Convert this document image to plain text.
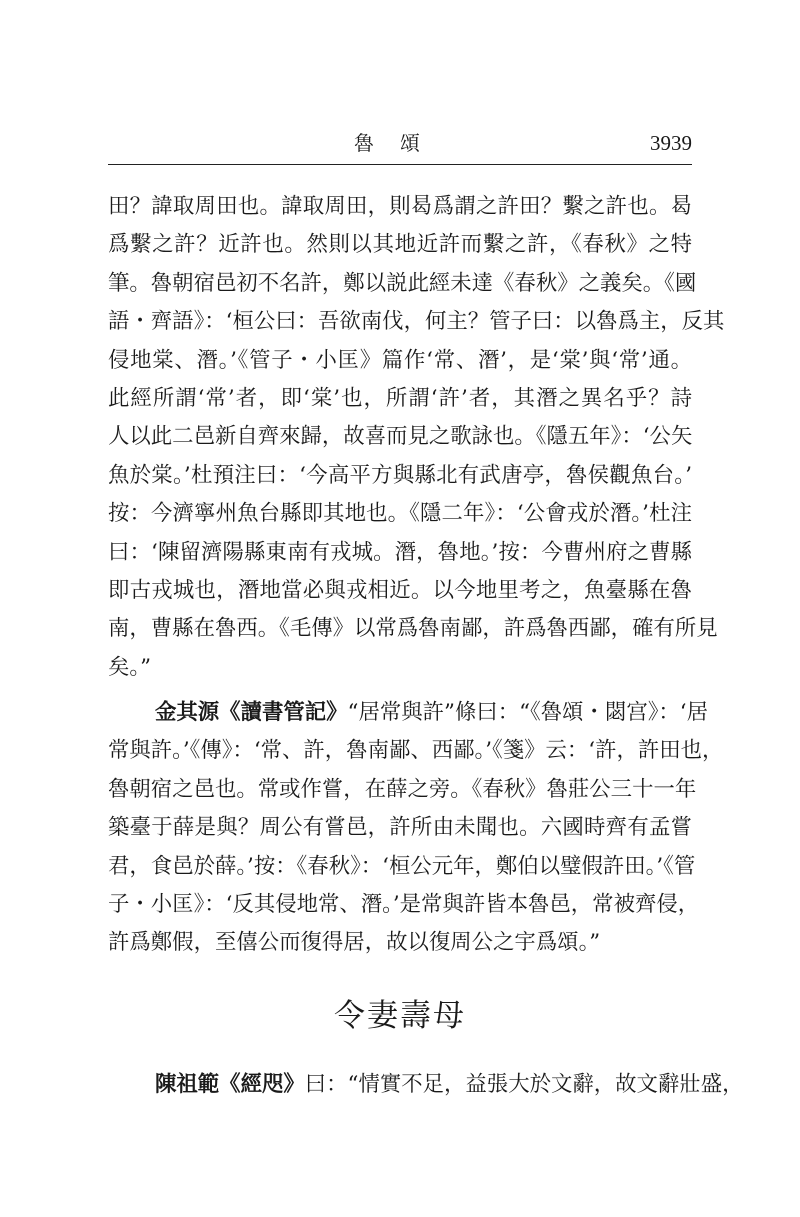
魯頌	3939
田？諱取周田也。諱取周田，則曷爲謂之許田？繫之許也。曷
爲繫之許？近許也。然則以其地近許而繫之許，《春秋》之特
筆。魯朝宿邑初不名許，鄭以説此經未達《春秋》之義矣。《國
語・齊語》：‘桓公曰：吾欲南伐，何主？管子曰：以魯爲主，反其
侵地棠、潛。’《管子・小匡》篇作‘常、潛’，是‘棠’與‘常’通。
此經所謂‘常’者，即‘棠’也，所謂‘許’者，其潛之異名乎？詩
人以此二邑新自齊來歸，故喜而見之歌詠也。《隱五年》：‘公矢
魚於棠。’杜預注曰：‘今高平方與縣北有武唐亭，魯侯觀魚台。’
按：今濟寧州魚台縣即其地也。《隱二年》：‘公會戎於潛。’杜注
曰：‘陳留濟陽縣東南有戎城。潛，魯地。’按：今曹州府之曹縣
即古戎城也，潛地當必與戎相近。以今地里考之，魚臺縣在魯
南，曹縣在魯西。《毛傳》以常爲魯南鄙，許爲魯西鄙，確有所見
矣。”
金其源《讀書管記》“居常與許”條曰：“《魯頌・閟宫》：‘居
常與許。’《傳》：‘常、許，魯南鄙、西鄙。’《箋》云：‘許，許田也，
魯朝宿之邑也。常或作嘗，在薛之旁。《春秋》魯莊公三十一年
築臺于薛是與？周公有嘗邑，許所由未聞也。六國時齊有孟嘗
君，食邑於薛。’按：《春秋》：‘桓公元年，鄭伯以璧假許田。’《管
子・小匡》：‘反其侵地常、潛。’是常與許皆本魯邑，常被齊侵，
許爲鄭假，至僖公而復得居，故以復周公之宇爲頌。”
令妻壽母
陳祖範《經咫》曰：“情實不足，益張大於文辭，故文辭壯盛，
